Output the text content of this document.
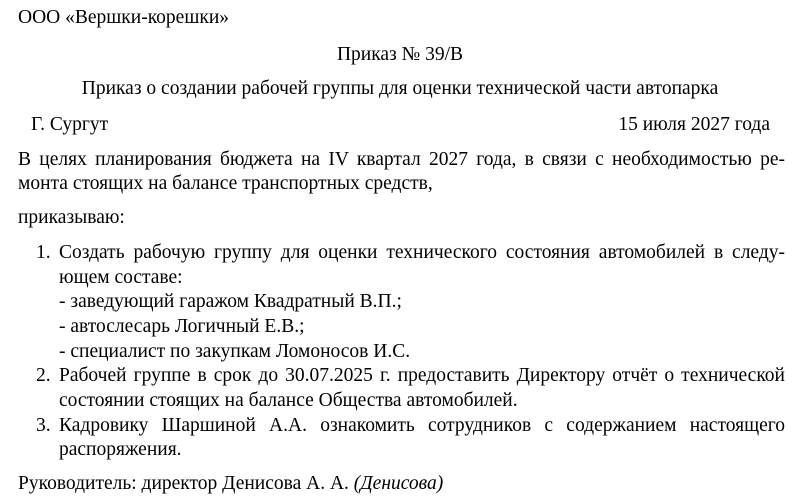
ООО «Вершки-корешки»
Приказ № 39/В
Приказ о создании рабочей группы для оценки технической части автопарка
Г. Сургут	15 июля 2027 года
В целях планирования бюджета на IV квартал 2027 года, в связи с необходимостью ре-
монта стоящих на балансе транспортных средств,
приказываю:
1. Создать рабочую группу для оценки технического состояния автомобилей в следу-
ющем составе:
- заведующий гаражом Квадратный В.П.;
- автослесарь Логичный Е.В.;
- специалист по закупкам Ломоносов И.С.
2. Рабочей группе в срок до 30.07.2025 г. предоставить Директору отчёт о технической
состоянии стоящих на балансе Общества автомобилей.
3. Кадровику Шаршиной А.А. ознакомить сотрудников с содержанием настоящего
распоряжения.
Руководитель: директор Денисова А. А. (Денисова)
